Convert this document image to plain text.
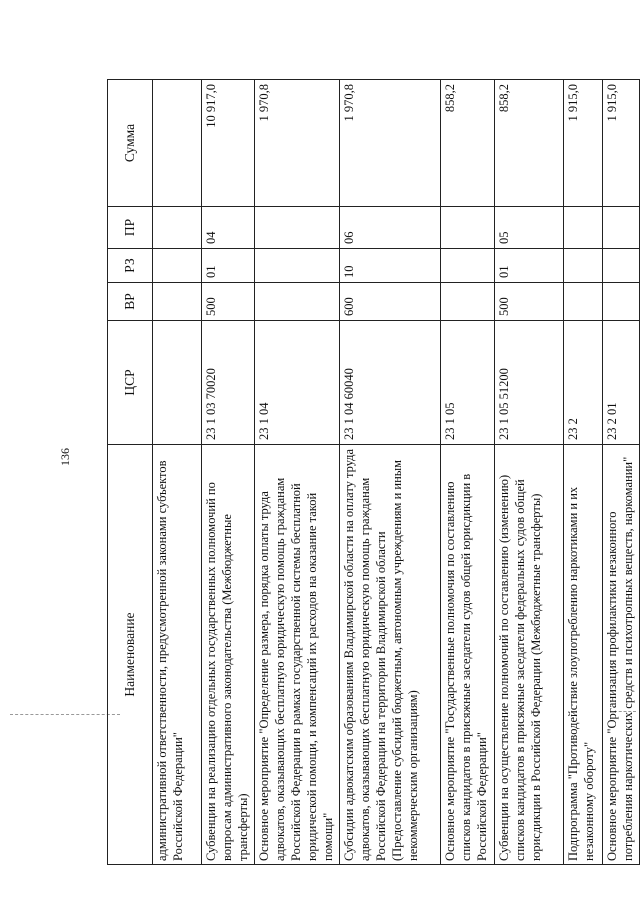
136
Наименование	ЦСР	ВР	РЗ	ПР	Сумма
административной ответственности, предусмотренной законами субъектов Российской Федерации"					
Субвенции на реализацию отдельных государственных полномочий по вопросам административного законодательства (Межбюджетные трансферты)	23 1 03 70020	500	01	04	10 917,0
Основное мероприятие "Определение размера, порядка оплаты труда адвокатов, оказывающих бесплатную юридическую помощь гражданам Российской Федерации в рамках государственной системы бесплатной юридической помощи, и компенсаций их расходов на оказание такой помощи"	23 1 04				1 970,8
Субсидии адвокатским образованиям Владимирской области на оплату труда адвокатов, оказывающих бесплатную юридическую помощь гражданам Российской Федерации на территории Владимирской области (Предоставление субсидий бюджетным, автономным учреждениям и иным некоммерческим организациям)	23 1 04 60040	600	10	06	1 970,8
Основное мероприятие "Государственные полномочия по составлению списков кандидатов в присяжные заседатели судов общей юрисдикции в Российской Федерации"	23 1 05				858,2
Субвенции на осуществление полномочий по составлению (изменению) списков кандидатов в присяжные заседатели федеральных судов общей юрисдикции в Российской Федерации (Межбюджетные трансферты)	23 1 05 51200	500	01	05	858,2
Подпрограмма "Противодействие злоупотреблению наркотиками и их незаконному обороту"	23 2				1 915,0
Основное мероприятие "Организация профилактики незаконного потребления наркотических средств и психотропных веществ, наркомании"	23 2 01				1 915,0
